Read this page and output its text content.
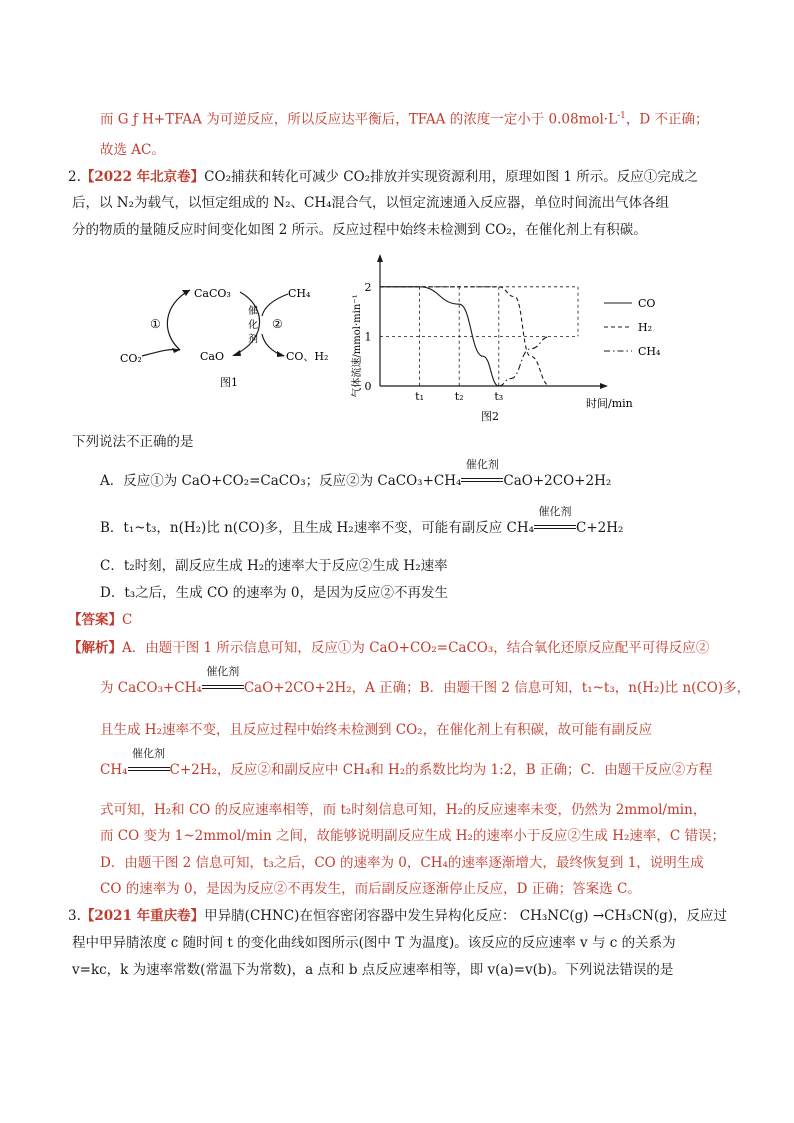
而 G ƒ H+TFAA 为可逆反应，所以反应达平衡后，TFAA 的浓度一定小于 $0.08mol\cdot L^{-1}$，D 不正确；
故选 AC。
2.【2022 年北京卷】CO₂捕获和转化可减少 CO₂排放并实现资源利用，原理如图 1 所示。反应①完成之
后，以 N₂为载气，以恒定组成的 N₂、CH₄混合气，以恒定流速通入反应器，单位时间流出气体各组
分的物质的量随反应时间变化如图 2 所示。反应过程中始终未检测到 CO₂，在催化剂上有积碳。
CaCO₃	CH₄
CaO
CO₂	CO、H₂
①	②
催
化
剂
图1	0
1
2
t₁	t₂	t₃
CO
H₂
CH₄
气体流速/mmol·min⁻¹
时间/min
图2
下列说法不正确的是
A．反应①为 CaO+CO₂=CaCO₃；反应②为 CaCO₃+CH₄
催化剂
CaO+2CO+2H₂
B．t₁~t₃，n(H₂)比 n(CO)多，且生成 H₂速率不变，可能有副反应 CH₄
催化剂
C+2H₂
C．t₂时刻，副反应生成 H₂的速率大于反应②生成 H₂速率
D．t₃之后，生成 CO 的速率为 0，是因为反应②不再发生
【答案】C
【解析】A．由题干图 1 所示信息可知，反应①为 CaO+CO₂=CaCO₃，结合氧化还原反应配平可得反应②
为 CaCO₃+CH₄
催化剂
CaO+2CO+2H₂，A 正确；B．由题干图 2 信息可知，t₁~t₃，n(H₂)比 n(CO)多，
且生成 H₂速率不变，且反应过程中始终未检测到 CO₂，在催化剂上有积碳，故可能有副反应
CH₄
催化剂
C+2H₂，反应②和副反应中 CH₄和 H₂的系数比均为 1:2，B 正确；C．由题干反应②方程
式可知，H₂和 CO 的反应速率相等，而 t₂时刻信息可知，H₂的反应速率未变，仍然为 2mmol/min，
而 CO 变为 1~2mmol/min 之间，故能够说明副反应生成 H₂的速率小于反应②生成 H₂速率，C 错误；
D．由题干图 2 信息可知，t₃之后，CO 的速率为 0，CH₄的速率逐渐增大，最终恢复到 1，说明生成
CO 的速率为 0，是因为反应②不再发生，而后副反应逐渐停止反应，D 正确；答案选 C。
3.【2021 年重庆卷】甲异腈(CHNC)在恒容密闭容器中发生异构化反应： CH₃NC(g) →CH₃CN(g)，反应过
程中甲异腈浓度 c 随时间 t 的变化曲线如图所示(图中 T 为温度)。该反应的反应速率 v 与 c 的关系为
v=kc，k 为速率常数(常温下为常数)，a 点和 b 点反应速率相等，即 v(a)=v(b)。下列说法错误的是
